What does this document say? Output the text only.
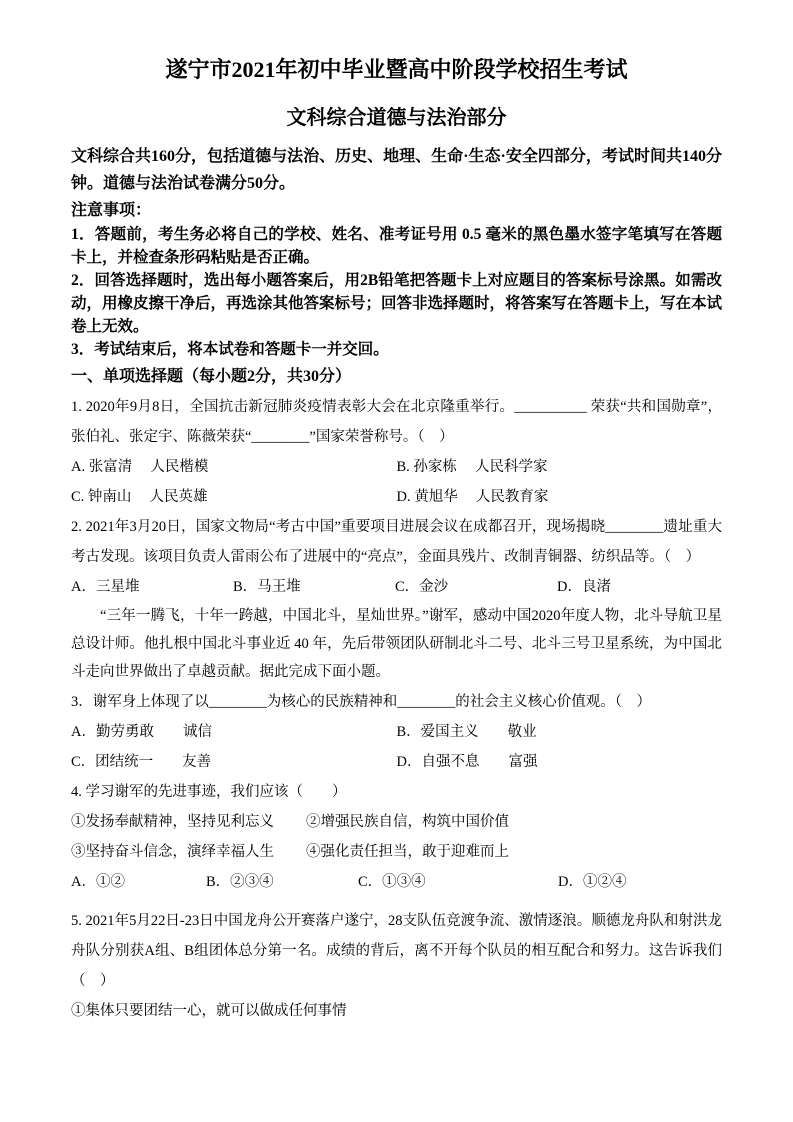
遂宁市2021年初中毕业暨高中阶段学校招生考试
文科综合道德与法治部分

文科综合共160分，包括道德与法治、历史、地理、生命·生态·安全四部分，考试时间共140分钟。道德与法治试卷满分50分。

注意事项：

1．答题前，考生务必将自己的学校、姓名、准考证号用 0.5 毫米的黑色墨水签字笔填写在答题卡上，并检查条形码粘贴是否正确。

2．回答选择题时，选出每小题答案后，用2B铅笔把答题卡上对应题目的答案标号涂黑。如需改动，用橡皮擦干净后，再选涂其他答案标号；回答非选择题时，将答案写在答题卡上，写在本试卷上无效。

3．考试结束后，将本试卷和答题卡一并交回。

一、单项选择题（每小题2分，共30分）

1. 2020年9月8日，全国抗击新冠肺炎疫情表彰大会在北京隆重举行。__________ 荣获“共和国勋章”，张伯礼、张定宇、陈薇荣获“________”国家荣誉称号。（　）

A. 张富清　 人民楷模	B. 孙家栋　 人民科学家
C. 钟南山　 人民英雄	D. 黄旭华　 人民教育家

2. 2021年3月20日，国家文物局“考古中国”重要项目进展会议在成都召开，现场揭晓________遗址重大考古发现。该项目负责人雷雨公布了进展中的“亮点”，金面具残片、改制青铜器、纺织品等。（　）

A．三星堆	B．马王堆	C．金沙	D．良渚

“三年一腾飞，十年一跨越，中国北斗，星灿世界。”谢军，感动中国2020年度人物，北斗导航卫星总设计师。他扎根中国北斗事业近 40 年，先后带领团队研制北斗二号、北斗三号卫星系统，为中国北斗走向世界做出了卓越贡献。据此完成下面小题。

3．谢军身上体现了以________为核心的民族精神和________的社会主义核心价值观。（　）

A．勤劳勇敢　　诚信	B．爱国主义　　敬业
C．团结统一　　友善	D．自强不息　　富强

4. 学习谢军的先进事迹，我们应该（　　）

①发扬奉献精神，坚持见利忘义	②增强民族自信，构筑中国价值
③坚持奋斗信念，演绎幸福人生	④强化责任担当，敢于迎难而上
A．①②	B．②③④	C．①③④	D．①②④

5. 2021年5月22日-23日中国龙舟公开赛落户遂宁，28支队伍竞渡争流、激情逐浪。顺德龙舟队和射洪龙舟队分别获A组、B组团体总分第一名。成绩的背后，离不开每个队员的相互配合和努力。这告诉我们（　）

①集体只要团结一心，就可以做成任何事情
